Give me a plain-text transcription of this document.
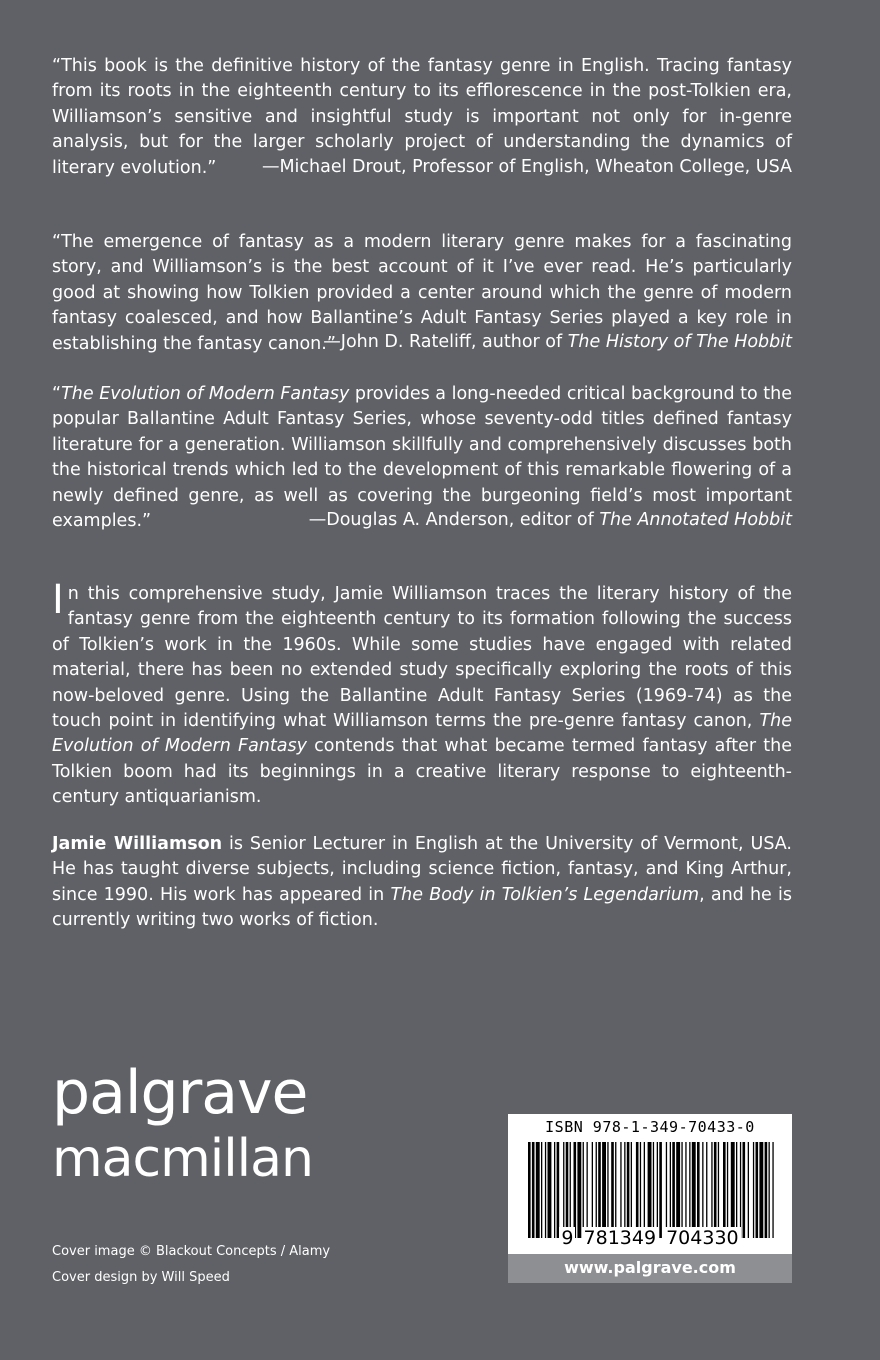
“This book is the definitive history of the fantasy genre in English. Tracing fantasy from its roots in the eighteenth century to its efflorescence in the post-Tolkien era, Williamson’s sensitive and insightful study is important not only for in-genre analysis, but for the larger scholarly project of understanding the dynamics of literary evolution.”	—Michael Drout, Professor of English, Wheaton College, USA

“The emergence of fantasy as a modern literary genre makes for a fascinating story, and Williamson’s is the best account of it I’ve ever read. He’s particularly good at showing how Tolkien provided a center around which the genre of modern fantasy coalesced, and how Ballantine’s Adult Fantasy Series played a key role in establishing the fantasy canon.”

—John D. Rateliff, author of The History of The Hobbit

“The Evolution of Modern Fantasy provides a long-needed critical background to the popular Ballantine Adult Fantasy Series, whose seventy-odd titles defined fantasy literature for a generation. Williamson skillfully and comprehensively discusses both the historical trends which led to the development of this remarkable flowering of a newly defined genre, as well as covering the burgeoning field’s most important examples.”	—Douglas A. Anderson, editor of The Annotated Hobbit

In this comprehensive study, Jamie Williamson traces the literary history of the fantasy genre from the eighteenth century to its formation following the success of Tolkien’s work in the 1960s. While some studies have engaged with related material, there has been no extended study specifically exploring the roots of this now-beloved genre. Using the Ballantine Adult Fantasy Series (1969-74) as the touch point in identifying what Williamson terms the pre-genre fantasy canon, The Evolution of Modern Fantasy contends that what became termed fantasy after the Tolkien boom had its beginnings in a creative literary response to eighteenth-century antiquarianism.

Jamie Williamson is Senior Lecturer in English at the University of Vermont, USA. He has taught diverse subjects, including science fiction, fantasy, and King Arthur, since 1990. His work has appeared in The Body in Tolkien’s Legendarium, and he is currently writing two works of fiction.

palgrave
macmillan
Cover image © Blackout Concepts / Alamy
Cover design by Will Speed
ISBN 978-1-349-70433-0
9 781349 704330
www.palgrave.com
